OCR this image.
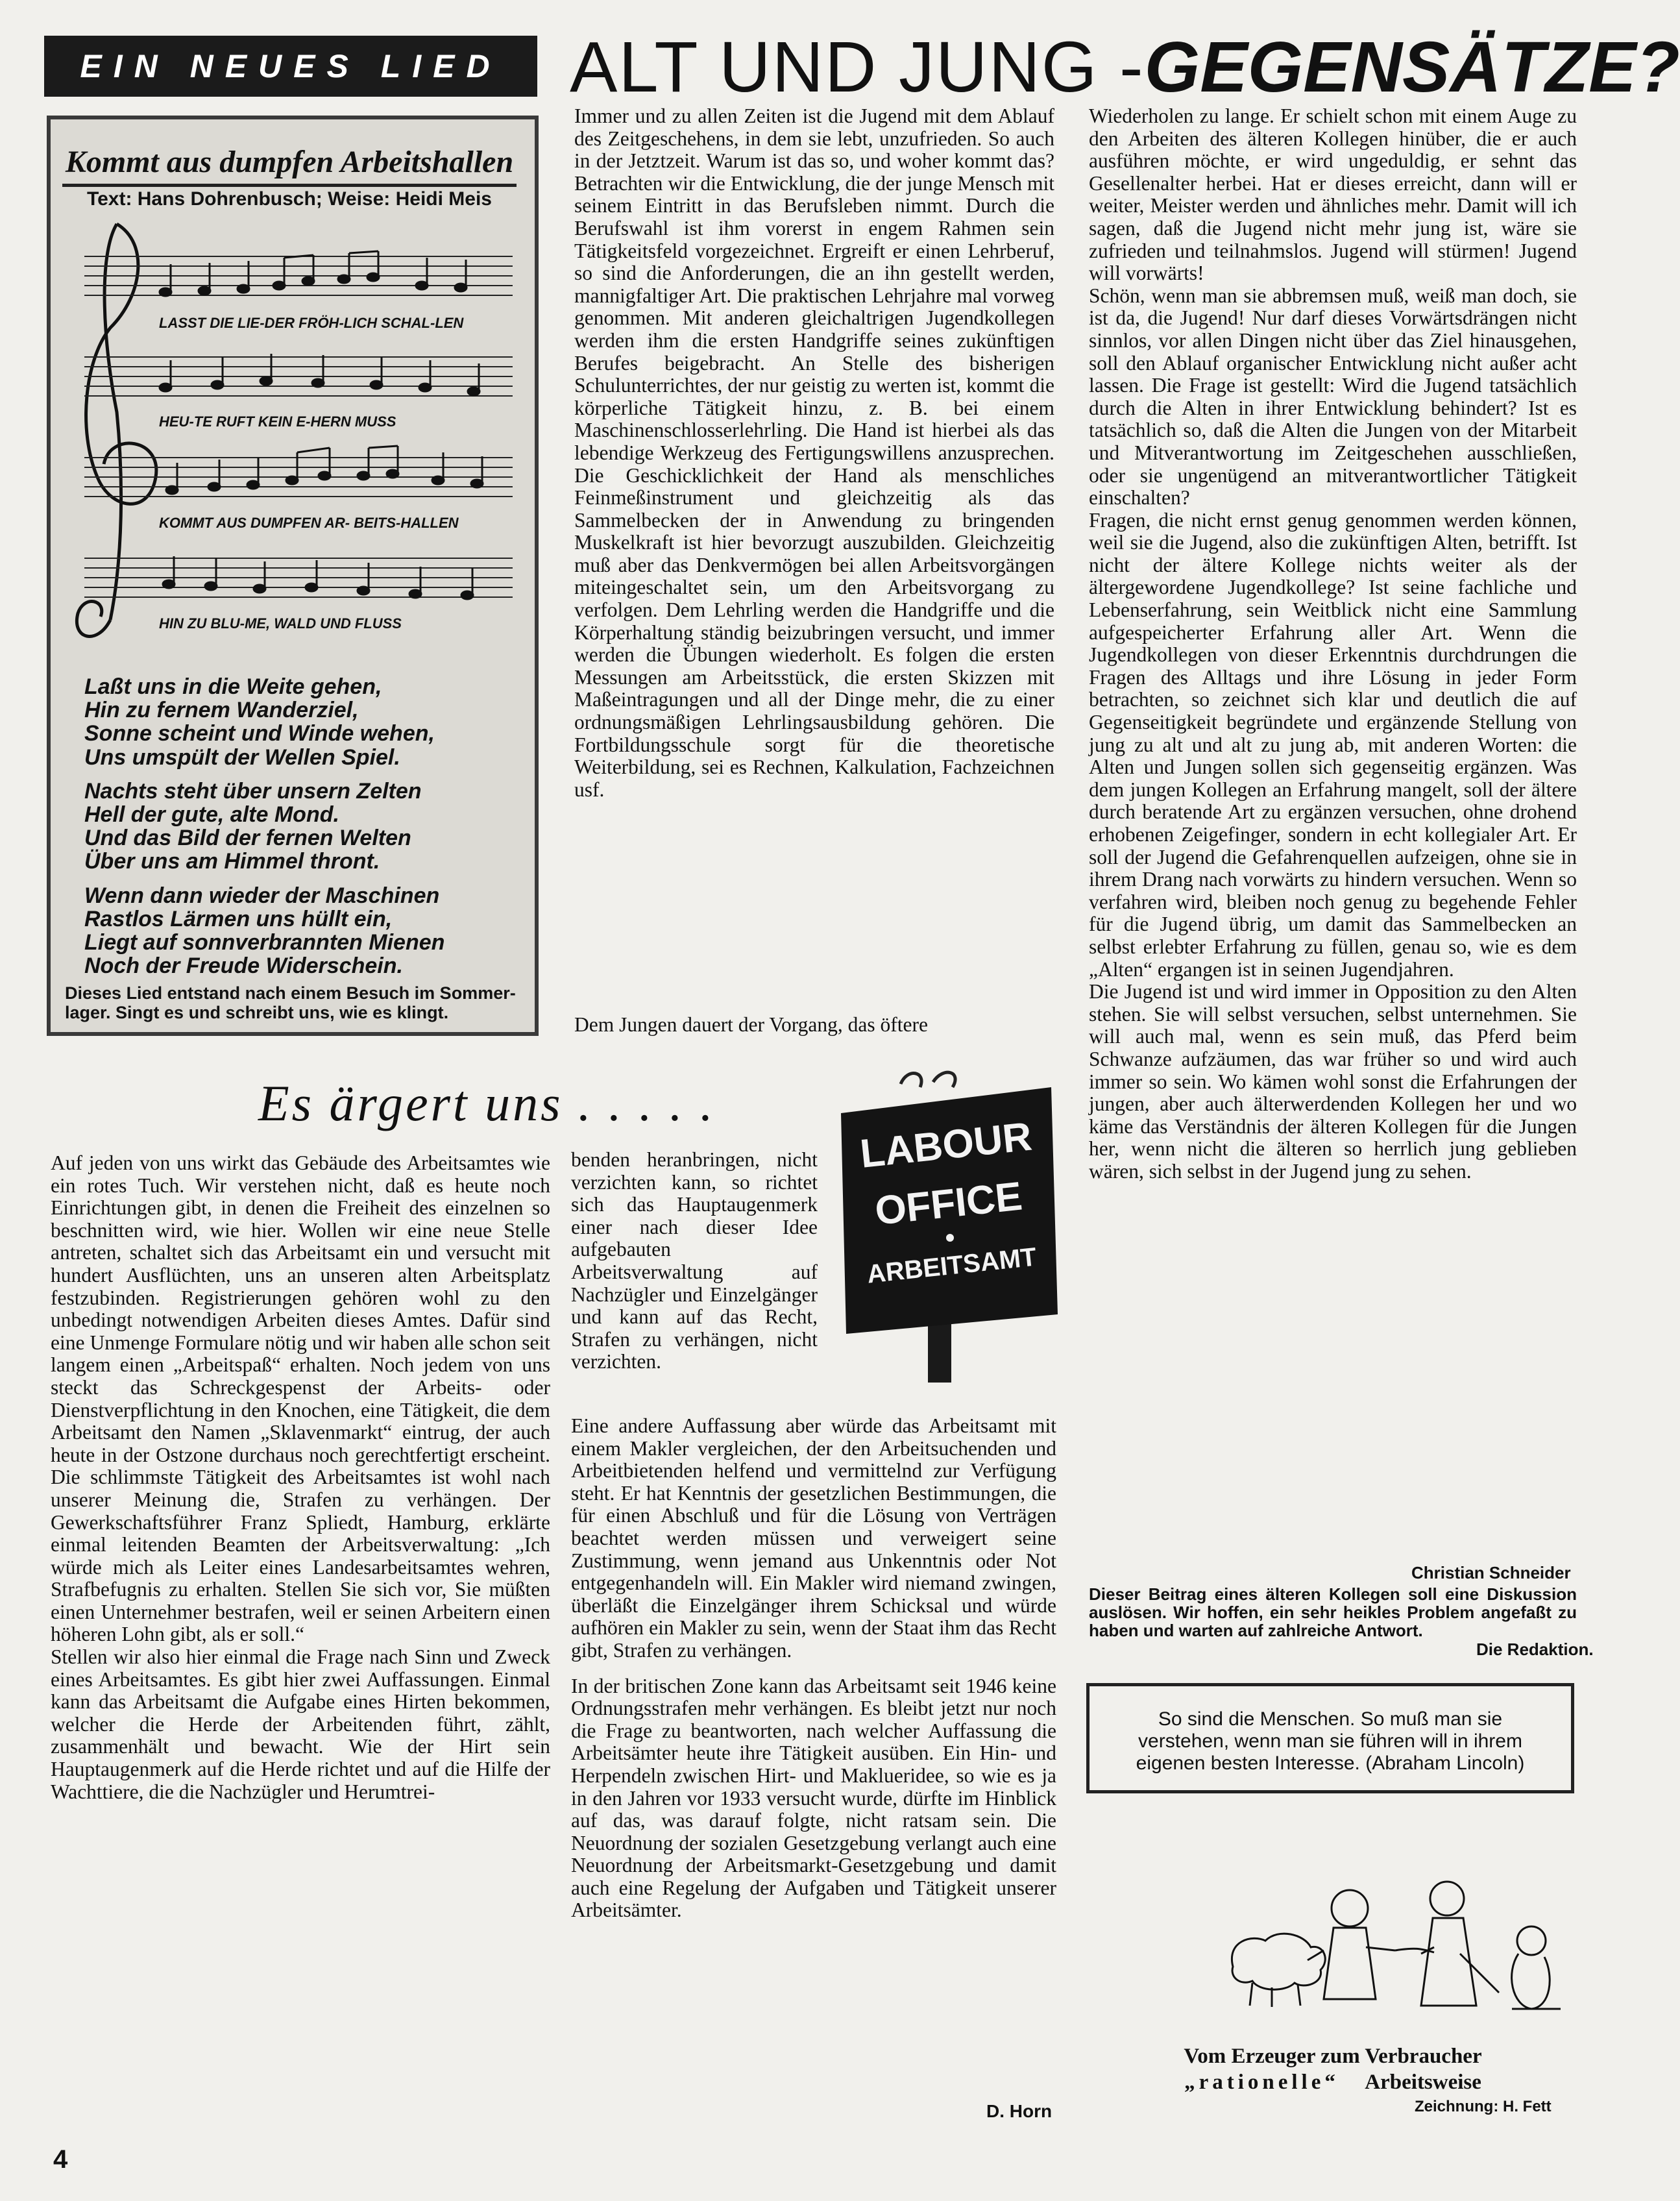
EIN NEUES LIED ALT UND JUNG - GEGENSÄTZE?
Kommt aus dumpfen Arbeitshallen
Text: Hans Dohrenbusch; Weise: Heidi Meis
LASST DIE LIE-DER FRÖH-LICH SCHAL-LEN
HEU-TE RUFT KEIN E-HERN MUSS
KOMMT AUS DUMPFEN AR- BEITS-HALLEN
HIN ZU BLU-ME, WALD UND FLUSS
Laßt uns in die Weite gehen,
Hin zu fernem Wanderziel,
Sonne scheint und Winde wehen,
Uns umspült der Wellen Spiel.
Nachts steht über unsern Zelten
Hell der gute, alte Mond.
Und das Bild der fernen Welten
Über uns am Himmel thront.
Wenn dann wieder der Maschinen
Rastlos Lärmen uns hüllt ein,
Liegt auf sonnverbrannten Mienen
Noch der Freude Widerschein.
Dieses Lied entstand nach einem Besuch im Sommer-
lager. Singt es und schreibt uns, wie es klingt.

Immer und zu allen Zeiten ist die Jugend mit dem Ablauf des Zeitgeschehens, in dem sie lebt, unzufrieden. So auch in der Jetztzeit. Warum ist das so, und woher kommt das? Betrachten wir die Entwicklung, die der junge Mensch mit seinem Eintritt in das Berufsleben nimmt. Durch die Berufswahl ist ihm vorerst in engem Rahmen sein Tätigkeitsfeld vorgezeichnet. Ergreift er einen Lehrberuf, so sind die Anforderungen, die an ihn gestellt werden, mannigfaltiger Art. Die praktischen Lehrjahre mal vorweg genommen. Mit anderen gleichaltrigen Jugendkollegen werden ihm die ersten Handgriffe seines zukünftigen Berufes beigebracht. An Stelle des bisherigen Schulunterrichtes, der nur geistig zu werten ist, kommt die körperliche Tätigkeit hinzu, z. B. bei einem Maschinenschlosserlehrling. Die Hand ist hierbei als das lebendige Werkzeug des Fertigungswillens anzusprechen. Die Geschicklichkeit der Hand als menschliches Feinmeßinstrument und gleichzeitig als das Sammelbecken der in Anwendung zu bringenden Muskelkraft ist hier bevorzugt auszubilden. Gleichzeitig muß aber das Denkvermögen bei allen Arbeitsvorgängen miteingeschaltet sein, um den Arbeitsvorgang zu verfolgen. Dem Lehrling werden die Handgriffe und die Körperhaltung ständig beizubringen versucht, und immer werden die Übungen wiederholt. Es folgen die ersten Messungen am Arbeitsstück, die ersten Skizzen mit Maßeintragungen und all der Dinge mehr, die zu einer ordnungsmäßigen Lehrlingsausbildung gehören. Die Fortbildungsschule sorgt für die theoretische Weiterbildung, sei es Rechnen, Kalkulation, Fachzeichnen usf.

Dem Jungen dauert der Vorgang, das öftere

Wiederholen zu lange. Er schielt schon mit einem Auge zu den Arbeiten des älteren Kollegen hinüber, die er auch ausführen möchte, er wird ungeduldig, er sehnt das Gesellenalter herbei. Hat er dieses erreicht, dann will er weiter, Meister werden und ähnliches mehr. Damit will ich sagen, daß die Jugend nicht mehr jung ist, wäre sie zufrieden und teilnahmslos. Jugend will stürmen! Jugend will vorwärts!

Schön, wenn man sie abbremsen muß, weiß man doch, sie ist da, die Jugend! Nur darf dieses Vorwärtsdrängen nicht sinnlos, vor allen Dingen nicht über das Ziel hinausgehen, soll den Ablauf organischer Entwicklung nicht außer acht lassen. Die Frage ist gestellt: Wird die Jugend tatsächlich durch die Alten in ihrer Entwicklung behindert? Ist es tatsächlich so, daß die Alten die Jungen von der Mitarbeit und Mitverantwortung im Zeitgeschehen ausschließen, oder sie ungenügend an mitverantwortlicher Tätigkeit einschalten?

Fragen, die nicht ernst genug genommen werden können, weil sie die Jugend, also die zukünftigen Alten, betrifft. Ist nicht der ältere Kollege nichts weiter als der ältergewordene Jugendkollege? Ist seine fachliche und Lebenserfahrung, sein Weitblick nicht eine Sammlung aufgespeicherter Erfahrung aller Art. Wenn die Jugendkollegen von dieser Erkenntnis durchdrungen die Fragen des Alltags und ihre Lösung in jeder Form betrachten, so zeichnet sich klar und deutlich die auf Gegenseitigkeit begründete und ergänzende Stellung von jung zu alt und alt zu jung ab, mit anderen Worten: die Alten und Jungen sollen sich gegenseitig ergänzen. Was dem jungen Kollegen an Erfahrung mangelt, soll der ältere durch beratende Art zu ergänzen versuchen, ohne drohend erhobenen Zeigefinger, sondern in echt kollegialer Art. Er soll der Jugend die Gefahrenquellen aufzeigen, ohne sie in ihrem Drang nach vorwärts zu hindern versuchen. Wenn so verfahren wird, bleiben noch genug zu begehende Fehler für die Jugend übrig, um damit das Sammelbecken an selbst erlebter Erfahrung zu füllen, genau so, wie es dem „Alten“ ergangen ist in seinen Jugendjahren.

Die Jugend ist und wird immer in Opposition zu den Alten stehen. Sie will selbst versuchen, selbst unternehmen. Sie will auch mal, wenn es sein muß, das Pferd beim Schwanze aufzäumen, das war früher so und wird auch immer so sein. Wo kämen wohl sonst die Erfahrungen der jungen, aber auch älterwerdenden Kollegen her und wo käme das Verständnis der älteren Kollegen für die Jungen her, wenn nicht die älteren so herrlich jung geblieben wären, sich selbst in der Jugend jung zu sehen.

Christian Schneider
Dieser Beitrag eines älteren Kollegen soll eine Diskussion auslösen. Wir hoffen, ein sehr heikles Problem angefaßt zu haben und warten auf zahlreiche Antwort.
Die Redaktion.
Es ärgert uns . . . . .
LABOUR
OFFICE
ARBEITSAMT

Auf jeden von uns wirkt das Gebäude des Arbeitsamtes wie ein rotes Tuch. Wir verstehen nicht, daß es heute noch Einrichtungen gibt, in denen die Freiheit des einzelnen so beschnitten wird, wie hier. Wollen wir eine neue Stelle antreten, schaltet sich das Arbeitsamt ein und versucht mit hundert Ausflüchten, uns an unseren alten Arbeitsplatz festzubinden. Registrierungen gehören wohl zu den unbedingt notwendigen Arbeiten dieses Amtes. Dafür sind eine Unmenge Formulare nötig und wir haben alle schon seit langem einen „Arbeitspaß“ erhalten. Noch jedem von uns steckt das Schreckgespenst der Arbeits- oder Dienstverpflichtung in den Knochen, eine Tätigkeit, die dem Arbeitsamt den Namen „Sklavenmarkt“ eintrug, der auch heute in der Ostzone durchaus noch gerechtfertigt erscheint. Die schlimmste Tätigkeit des Arbeitsamtes ist wohl nach unserer Meinung die, Strafen zu verhängen. Der Gewerkschaftsführer Franz Spliedt, Hamburg, erklärte einmal leitenden Beamten der Arbeitsverwaltung: „Ich würde mich als Leiter eines Landesarbeitsamtes wehren, Strafbefugnis zu erhalten. Stellen Sie sich vor, Sie müßten einen Unternehmer bestrafen, weil er seinen Arbeitern einen höheren Lohn gibt, als er soll.“

Stellen wir also hier einmal die Frage nach Sinn und Zweck eines Arbeitsamtes. Es gibt hier zwei Auffassungen. Einmal kann das Arbeitsamt die Aufgabe eines Hirten bekommen, welcher die Herde der Arbeitenden führt, zählt, zusammenhält und bewacht. Wie der Hirt sein Hauptaugenmerk auf die Herde richtet und auf die Hilfe der Wachttiere, die die Nachzügler und Herumtrei-

benden heranbringen, nicht verzichten kann, so richtet sich das Hauptaugenmerk einer nach dieser Idee aufgebauten Arbeitsverwaltung auf Nachzügler und Einzelgänger und kann auf das Recht, Strafen zu verhängen, nicht verzichten.

Eine andere Auffassung aber würde das Arbeitsamt mit einem Makler vergleichen, der den Arbeitsuchenden und Arbeitbietenden helfend und vermittelnd zur Verfügung steht. Er hat Kenntnis der gesetzlichen Bestimmungen, die für einen Abschluß und für die Lösung von Verträgen beachtet werden müssen und verweigert seine Zustimmung, wenn jemand aus Unkenntnis oder Not entgegenhandeln will. Ein Makler wird niemand zwingen, überläßt die Einzelgänger ihrem Schicksal und würde aufhören ein Makler zu sein, wenn der Staat ihm das Recht gibt, Strafen zu verhängen.

In der britischen Zone kann das Arbeitsamt seit 1946 keine Ordnungsstrafen mehr verhängen. Es bleibt jetzt nur noch die Frage zu beantworten, nach welcher Auffassung die Arbeitsämter heute ihre Tätigkeit ausüben. Ein Hin- und Herpendeln zwischen Hirt- und Maklueridee, so wie es ja in den Jahren vor 1933 versucht wurde, dürfte im Hinblick auf das, was darauf folgte, nicht ratsam sein. Die Neuordnung der sozialen Gesetzgebung verlangt auch eine Neuordnung der Arbeitsmarkt-Gesetzgebung und damit auch eine Regelung der Aufgaben und Tätigkeit unserer Arbeitsämter.

D. Horn
So sind die Menschen. So muß man sie verstehen, wenn man sie führen will in ihrem eigenen besten Interesse. (Abraham Lincoln)
Vom Erzeuger zum Verbraucher
„rationelle“ Arbeitsweise
Zeichnung: H. Fett
4
